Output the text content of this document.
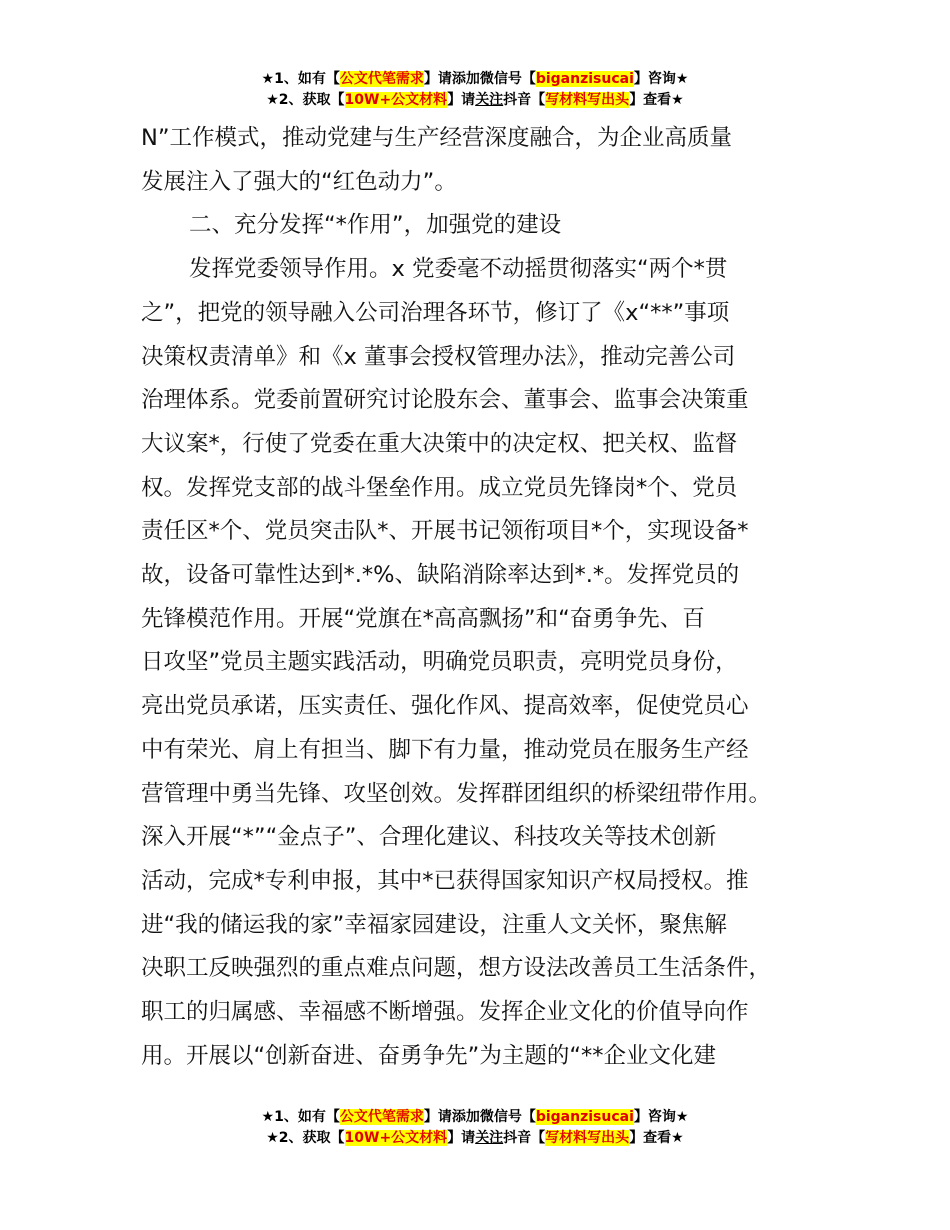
★1、如有【公文代笔需求】请添加微信号【biganzisucai】咨询★
★2、获取【10W+公文材料】请关注抖音【写材料写出头】查看★

N”工作模式，推动党建与生产经营深度融合，为企业高质量

发展注入了强大的“红色动力”。

二、充分发挥“*作用”，加强党的建设

发挥党委领导作用。x 党委毫不动摇贯彻落实“两个*贯

之”，把党的领导融入公司治理各环节，修订了《x“**”事项

决策权责清单》和《x 董事会授权管理办法》，推动完善公司

治理体系。党委前置研究讨论股东会、董事会、监事会决策重

大议案*，行使了党委在重大决策中的决定权、把关权、监督

权。发挥党支部的战斗堡垒作用。成立党员先锋岗*个、党员

责任区*个、党员突击队*、开展书记领衔项目*个，实现设备*

故，设备可靠性达到*.*%、缺陷消除率达到*.*。发挥党员的

先锋模范作用。开展“党旗在*高高飘扬”和“奋勇争先、百

日攻坚”党员主题实践活动，明确党员职责，亮明党员身份，

亮出党员承诺，压实责任、强化作风、提高效率，促使党员心

中有荣光、肩上有担当、脚下有力量，推动党员在服务生产经

营管理中勇当先锋、攻坚创效。发挥群团组织的桥梁纽带作用。

深入开展“*”“金点子”、合理化建议、科技攻关等技术创新

活动，完成*专利申报，其中*已获得国家知识产权局授权。推

进“我的储运我的家”幸福家园建设，注重人文关怀，聚焦解

决职工反映强烈的重点难点问题，想方设法改善员工生活条件，

职工的归属感、幸福感不断增强。发挥企业文化的价值导向作

用。开展以“创新奋进、奋勇争先”为主题的“**企业文化建

★1、如有【公文代笔需求】请添加微信号【biganzisucai】咨询★
★2、获取【10W+公文材料】请关注抖音【写材料写出头】查看★
